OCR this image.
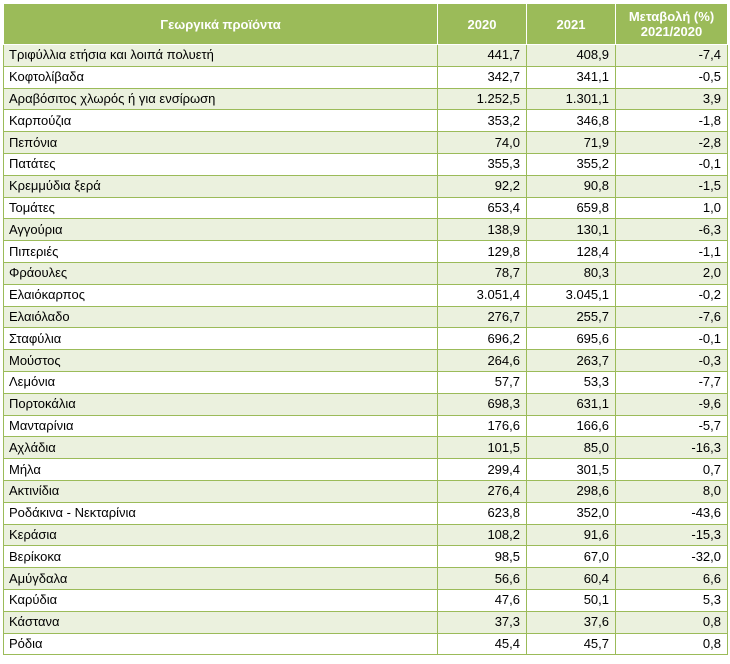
Γεωργικά προϊόντα	2020	2021	Μεταβολή (%)
2021/2020

Τριφύλλια ετήσια και λοιπά πολυετή	441,7	408,9	-7,4
Κοφτολίβαδα	342,7	341,1	-0,5
Αραβόσιτος χλωρός ή για ενσίρωση	1.252,5	1.301,1	3,9
Καρπούζια	353,2	346,8	-1,8
Πεπόνια	74,0	71,9	-2,8
Πατάτες	355,3	355,2	-0,1
Κρεμμύδια ξερά	92,2	90,8	-1,5
Τομάτες	653,4	659,8	1,0
Αγγούρια	138,9	130,1	-6,3
Πιπεριές	129,8	128,4	-1,1
Φράουλες	78,7	80,3	2,0
Ελαιόκαρπος	3.051,4	3.045,1	-0,2
Ελαιόλαδο	276,7	255,7	-7,6
Σταφύλια	696,2	695,6	-0,1
Μούστος	264,6	263,7	-0,3
Λεμόνια	57,7	53,3	-7,7
Πορτοκάλια	698,3	631,1	-9,6
Μανταρίνια	176,6	166,6	-5,7
Αχλάδια	101,5	85,0	-16,3
Μήλα	299,4	301,5	0,7
Ακτινίδια	276,4	298,6	8,0
Ροδάκινα - Νεκταρίνια	623,8	352,0	-43,6
Κεράσια	108,2	91,6	-15,3
Βερίκοκα	98,5	67,0	-32,0
Αμύγδαλα	56,6	60,4	6,6
Καρύδια	47,6	50,1	5,3
Κάστανα	37,3	37,6	0,8
Ρόδια	45,4	45,7	0,8
